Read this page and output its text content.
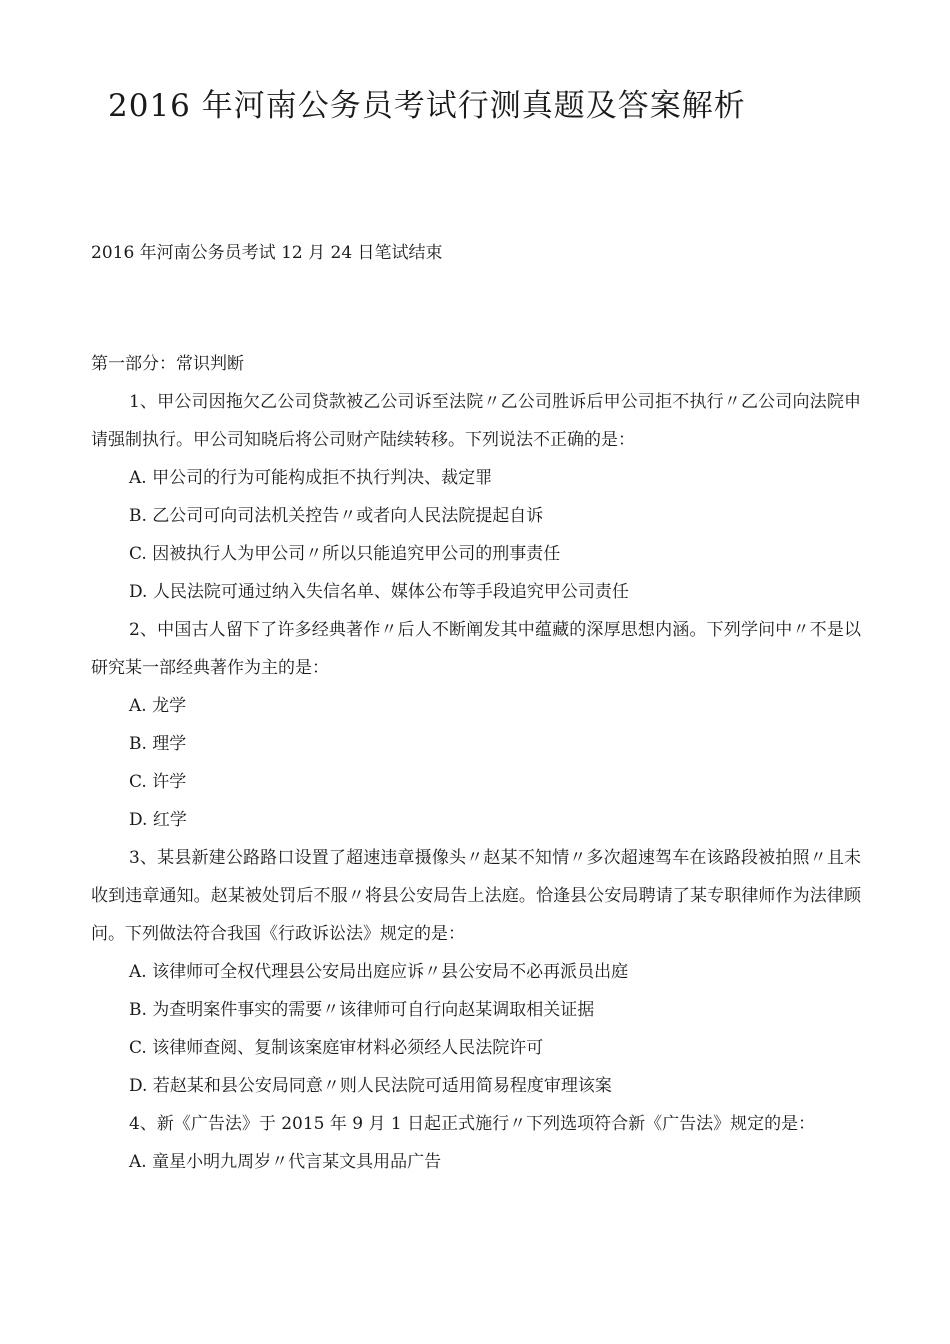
2016 年河南公务员考试行测真题及答案解析

2016 年河南公务员考试 12 月 24 日笔试结束

第一部分：常识判断

1、甲公司因拖欠乙公司贷款被乙公司诉至法院〃乙公司胜诉后甲公司拒不执行〃乙公司向法院申请强制执行。甲公司知晓后将公司财产陆续转移。下列说法不正确的是：

A. 甲公司的行为可能构成拒不执行判决、裁定罪

B. 乙公司可向司法机关控告〃或者向人民法院提起自诉

C. 因被执行人为甲公司〃所以只能追究甲公司的刑事责任

D. 人民法院可通过纳入失信名单、媒体公布等手段追究甲公司责任

2、中国古人留下了许多经典著作〃后人不断阐发其中蕴藏的深厚思想内涵。下列学问中〃不是以研究某一部经典著作为主的是：

A. 龙学

B. 理学

C. 许学

D. 红学

3、某县新建公路路口设置了超速违章摄像头〃赵某不知情〃多次超速驾车在该路段被拍照〃且未收到违章通知。赵某被处罚后不服〃将县公安局告上法庭。恰逢县公安局聘请了某专职律师作为法律顾问。下列做法符合我国《行政诉讼法》规定的是：

A. 该律师可全权代理县公安局出庭应诉〃县公安局不必再派员出庭

B. 为查明案件事实的需要〃该律师可自行向赵某调取相关证据

C. 该律师查阅、复制该案庭审材料必须经人民法院许可

D. 若赵某和县公安局同意〃则人民法院可适用简易程度审理该案

4、新《广告法》于 2015 年 9 月 1 日起正式施行〃下列选项符合新《广告法》规定的是：

A. 童星小明九周岁〃代言某文具用品广告
